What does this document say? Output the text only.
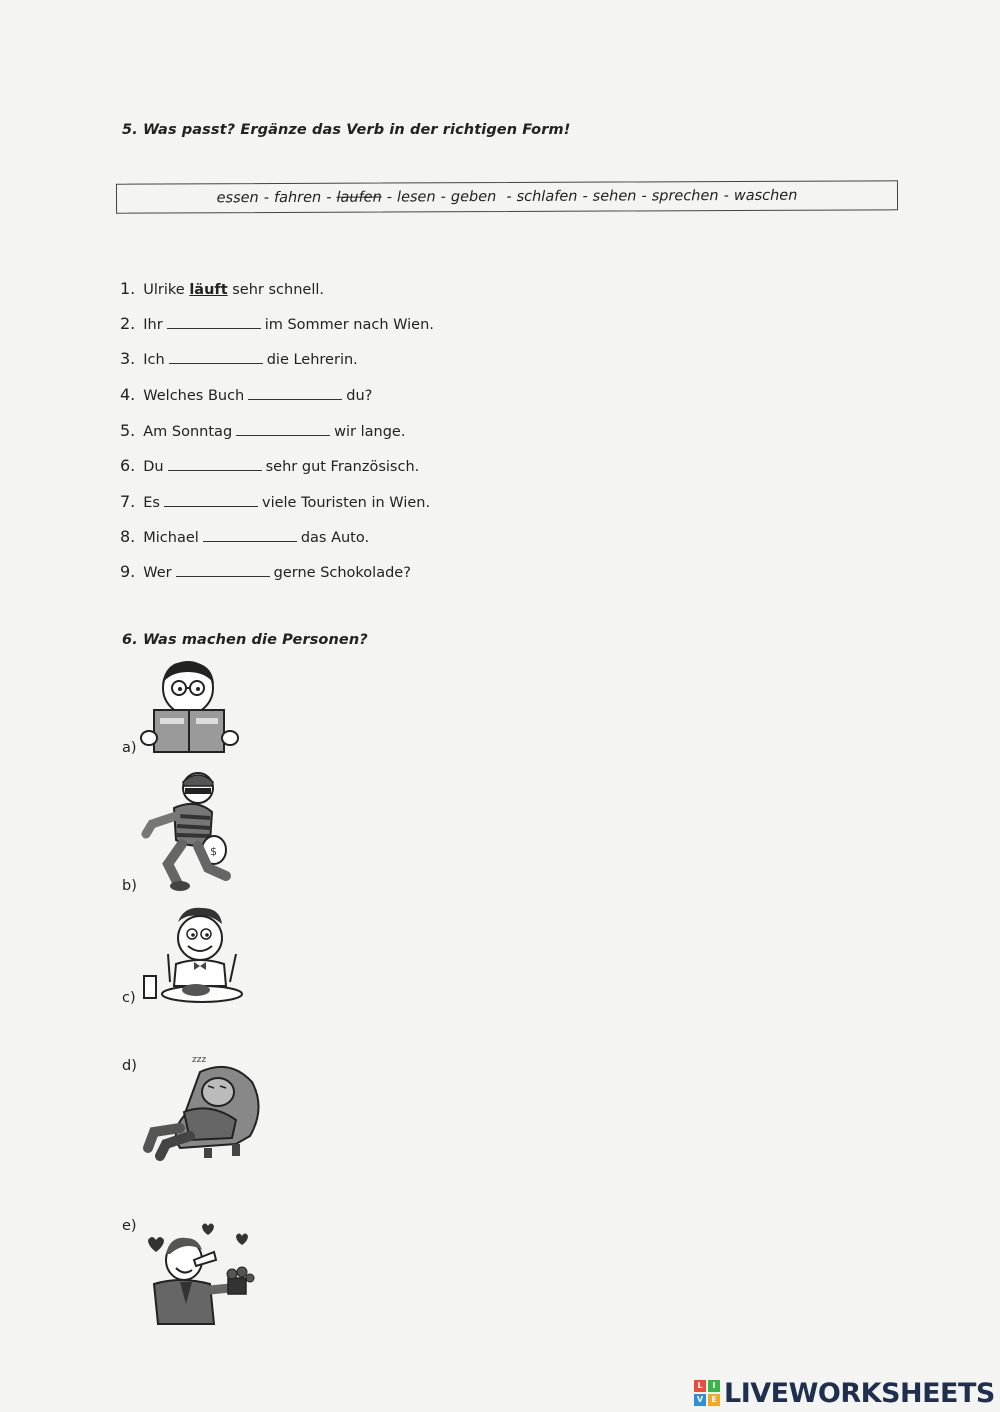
5. Was passt? Ergänze das Verb in der richtigen Form!
essen - fahren - laufen - lesen - geben - schlafen - sehen - sprechen - waschen
1. Ulrike läuft sehr schnell.
2. Ihr	im Sommer nach Wien.
3. Ich	die Lehrerin.
4. Welches Buch	du?
5. Am Sonntag	wir lange.
6. Du	sehr gut Französisch.
7. Es	viele Touristen in Wien.
8. Michael	das Auto.
9. Wer	gerne Schokolade?
6. Was machen die Personen?
a)
b)
$
c)
d)	zzz
e)
L	I
V	E LIVEWORKSHEETS
